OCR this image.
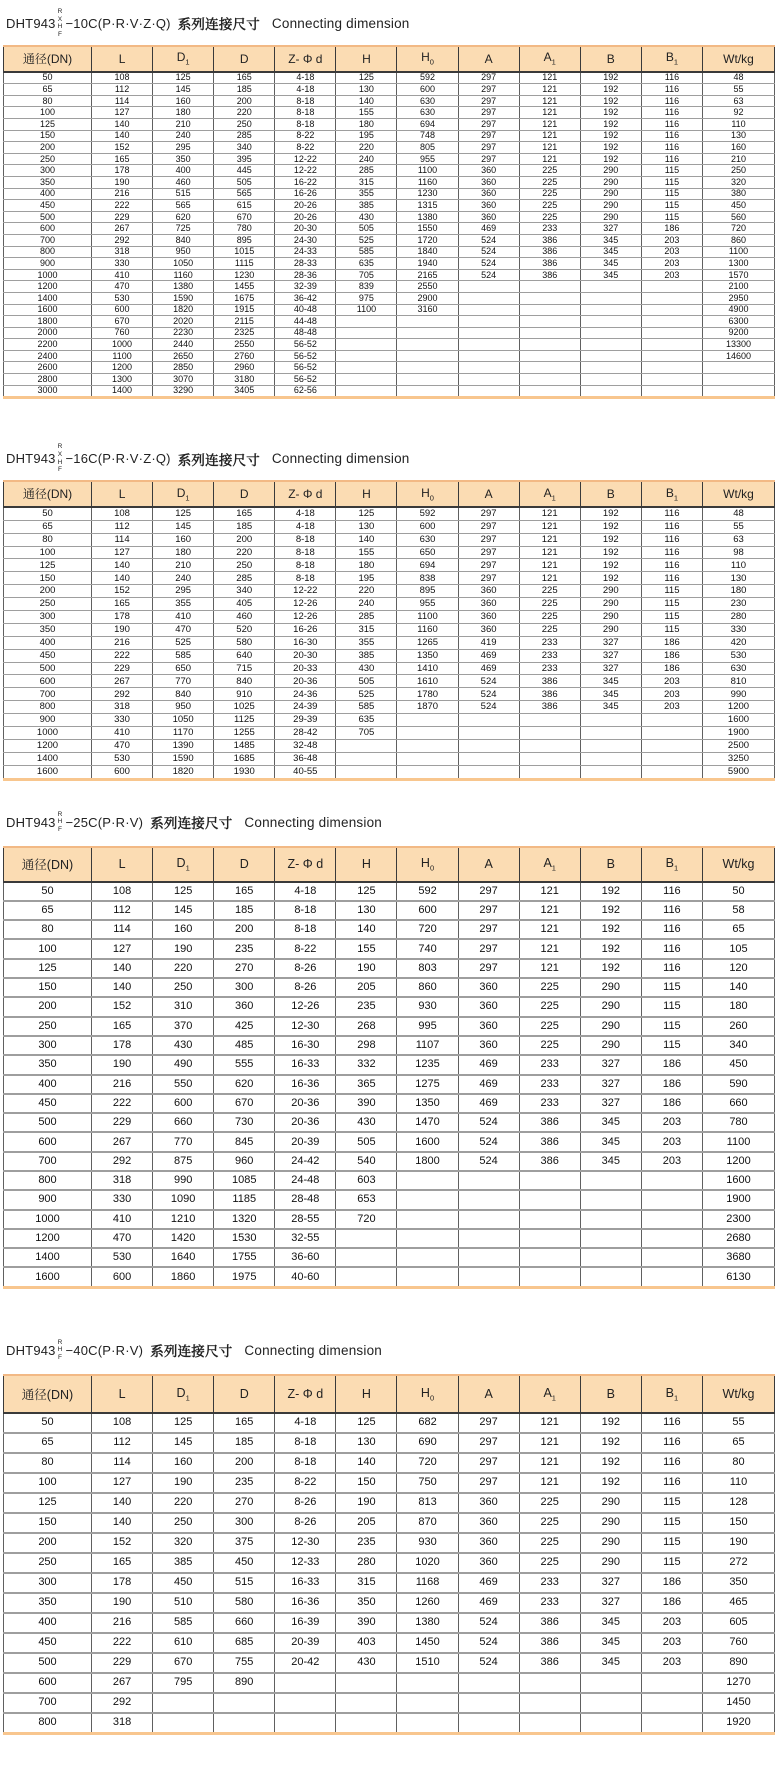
DHT943
R
X
H
F
−10C(P·R·V·Z·Q) 系列连接尺寸 Connecting dimension
通径(DN)	L	$D_1$	D	Z- Φ d	H	$H_0$	A	$A_1$	B	$B_1$	Wt/kg
50	108	125	165	4-18	125	592	297	121	192	116	48
65	112	145	185	4-18	130	600	297	121	192	116	55
80	114	160	200	8-18	140	630	297	121	192	116	63
100	127	180	220	8-18	155	630	297	121	192	116	92
125	140	210	250	8-18	180	694	297	121	192	116	110
150	140	240	285	8-22	195	748	297	121	192	116	130
200	152	295	340	8-22	220	805	297	121	192	116	160
250	165	350	395	12-22	240	955	297	121	192	116	210
300	178	400	445	12-22	285	1100	360	225	290	115	250
350	190	460	505	16-22	315	1160	360	225	290	115	320
400	216	515	565	16-26	355	1230	360	225	290	115	380
450	222	565	615	20-26	385	1315	360	225	290	115	450
500	229	620	670	20-26	430	1380	360	225	290	115	560
600	267	725	780	20-30	505	1550	469	233	327	186	720
700	292	840	895	24-30	525	1720	524	386	345	203	860
800	318	950	1015	24-33	585	1840	524	386	345	203	1100
900	330	1050	1115	28-33	635	1940	524	386	345	203	1300
1000	410	1160	1230	28-36	705	2165	524	386	345	203	1570
1200	470	1380	1455	32-39	839	2550					2100
1400	530	1590	1675	36-42	975	2900					2950
1600	600	1820	1915	40-48	1100	3160					4900
1800	670	2020	2115	44-48							6300
2000	760	2230	2325	48-48							9200
2200	1000	2440	2550	56-52							13300
2400	1100	2650	2760	56-52							14600
2600	1200	2850	2960	56-52							
2800	1300	3070	3180	56-52							
3000	1400	3290	3405	62-56							
DHT943
R
X
H
F
−16C(P·R·V·Z·Q) 系列连接尺寸 Connecting dimension
通径(DN)	L	$D_1$	D	Z- Φ d	H	$H_0$	A	$A_1$	B	$B_1$	Wt/kg
50	108	125	165	4-18	125	592	297	121	192	116	48
65	112	145	185	4-18	130	600	297	121	192	116	55
80	114	160	200	8-18	140	630	297	121	192	116	63
100	127	180	220	8-18	155	650	297	121	192	116	98
125	140	210	250	8-18	180	694	297	121	192	116	110
150	140	240	285	8-18	195	838	297	121	192	116	130
200	152	295	340	12-22	220	895	360	225	290	115	180
250	165	355	405	12-26	240	955	360	225	290	115	230
300	178	410	460	12-26	285	1100	360	225	290	115	280
350	190	470	520	16-26	315	1160	360	225	290	115	330
400	216	525	580	16-30	355	1265	419	233	327	186	420
450	222	585	640	20-30	385	1350	469	233	327	186	530
500	229	650	715	20-33	430	1410	469	233	327	186	630
600	267	770	840	20-36	505	1610	524	386	345	203	810
700	292	840	910	24-36	525	1780	524	386	345	203	990
800	318	950	1025	24-39	585	1870	524	386	345	203	1200
900	330	1050	1125	29-39	635						1600
1000	410	1170	1255	28-42	705						1900
1200	470	1390	1485	32-48							2500
1400	530	1590	1685	36-48							3250
1600	600	1820	1930	40-55							5900
DHT943
R
H
F −25C(P·R·V) 系列连接尺寸 Connecting dimension
通径(DN)	L	$D_1$	D	Z- Φ d	H	$H_0$	A	$A_1$	B	$B_1$	Wt/kg
50	108	125	165	4-18	125	592	297	121	192	116	50
65	112	145	185	8-18	130	600	297	121	192	116	58
80	114	160	200	8-18	140	720	297	121	192	116	65
100	127	190	235	8-22	155	740	297	121	192	116	105
125	140	220	270	8-26	190	803	297	121	192	116	120
150	140	250	300	8-26	205	860	360	225	290	115	140
200	152	310	360	12-26	235	930	360	225	290	115	180
250	165	370	425	12-30	268	995	360	225	290	115	260
300	178	430	485	16-30	298	1107	360	225	290	115	340
350	190	490	555	16-33	332	1235	469	233	327	186	450
400	216	550	620	16-36	365	1275	469	233	327	186	590
450	222	600	670	20-36	390	1350	469	233	327	186	660
500	229	660	730	20-36	430	1470	524	386	345	203	780
600	267	770	845	20-39	505	1600	524	386	345	203	1100
700	292	875	960	24-42	540	1800	524	386	345	203	1200
800	318	990	1085	24-48	603						1600
900	330	1090	1185	28-48	653						1900
1000	410	1210	1320	28-55	720						2300
1200	470	1420	1530	32-55							2680
1400	530	1640	1755	36-60							3680
1600	600	1860	1975	40-60							6130
DHT943
R
H
F −40C(P·R·V) 系列连接尺寸 Connecting dimension
通径(DN)	L	$D_1$	D	Z- Φ d	H	$H_0$	A	$A_1$	B	$B_1$	Wt/kg
50	108	125	165	4-18	125	682	297	121	192	116	55
65	112	145	185	8-18	130	690	297	121	192	116	65
80	114	160	200	8-18	140	720	297	121	192	116	80
100	127	190	235	8-22	150	750	297	121	192	116	110
125	140	220	270	8-26	190	813	360	225	290	115	128
150	140	250	300	8-26	205	870	360	225	290	115	150
200	152	320	375	12-30	235	930	360	225	290	115	190
250	165	385	450	12-33	280	1020	360	225	290	115	272
300	178	450	515	16-33	315	1168	469	233	327	186	350
350	190	510	580	16-36	350	1260	469	233	327	186	465
400	216	585	660	16-39	390	1380	524	386	345	203	605
450	222	610	685	20-39	403	1450	524	386	345	203	760
500	229	670	755	20-42	430	1510	524	386	345	203	890
600	267	795	890								1270
700	292										1450
800	318										1920
